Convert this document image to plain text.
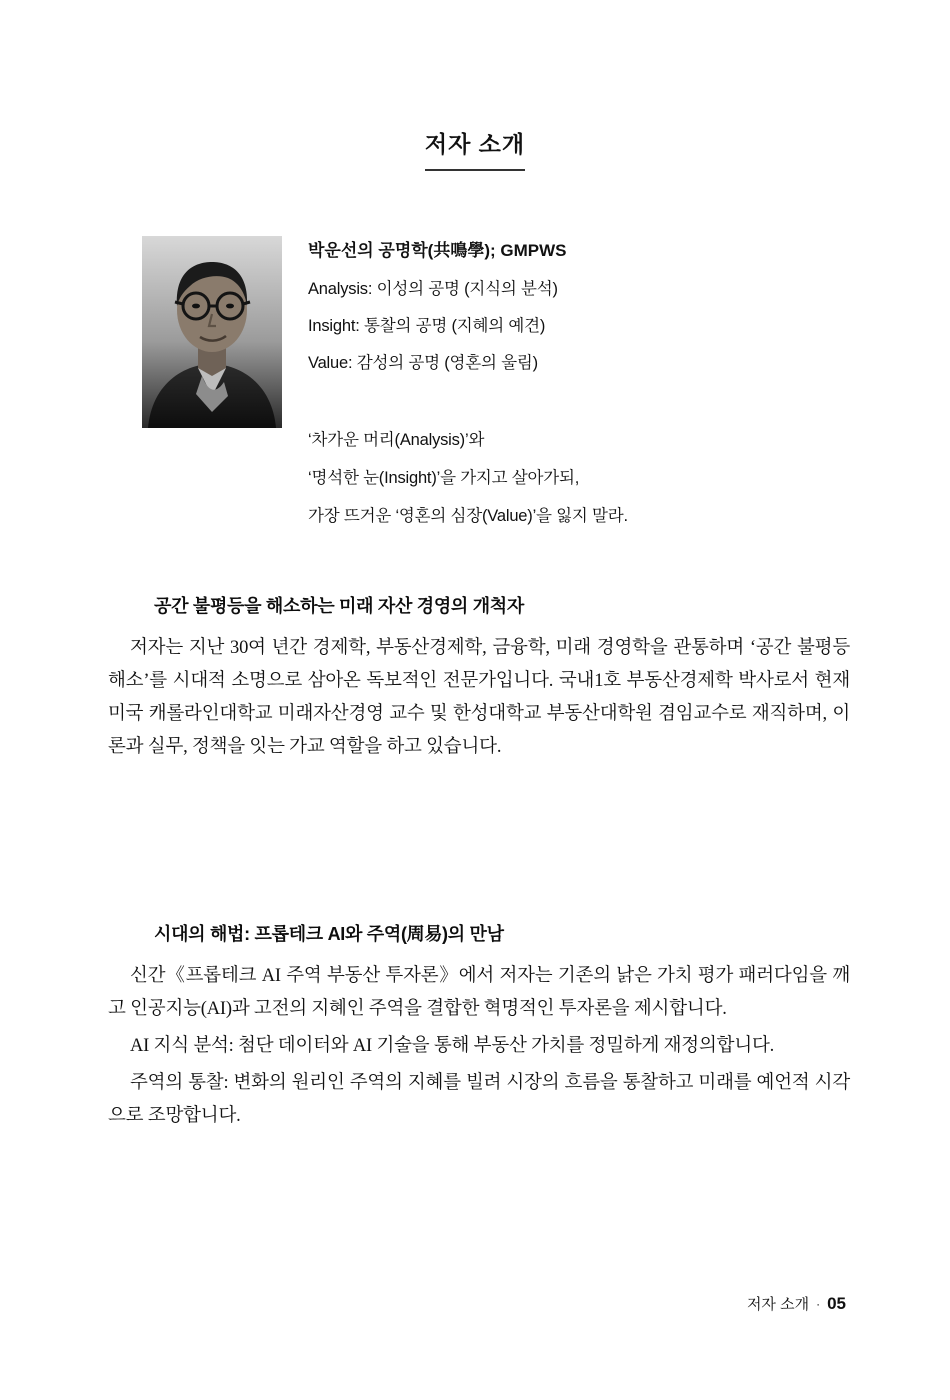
저자 소개
박운선의 공명학(共鳴學); GMPWS
Analysis: 이성의 공명 (지식의 분석)
Insight: 통찰의 공명 (지혜의 예견)
Value: 감성의 공명 (영혼의 울림)
‘차가운 머리(Analysis)’와
‘명석한 눈(Insight)’을 가지고 살아가되,
가장 뜨거운 ‘영혼의 심장(Value)’을 잃지 말라.
공간 불평등을 해소하는 미래 자산 경영의 개척자

저자는 지난 30여 년간 경제학, 부동산경제학, 금융학, 미래 경영학을 관통하며 ‘공간 불평등 해소’를 시대적 소명으로 삼아온 독보적인 전문가입니다. 국내1호 부동산경제학 박사로서 현재 미국 캐롤라인대학교 미래자산경영 교수 및 한성대학교 부동산대학원 겸임교수로 재직하며, 이론과 실무, 정책을 잇는 가교 역할을 하고 있습니다.

시대의 해법: 프롭테크 AI와 주역(周易)의 만남

신간《프롭테크 AI 주역 부동산 투자론》에서 저자는 기존의 낡은 가치 평가 패러다임을 깨고 인공지능(AI)과 고전의 지혜인 주역을 결합한 혁명적인 투자론을 제시합니다.

AI 지식 분석: 첨단 데이터와 AI 기술을 통해 부동산 가치를 정밀하게 재정의합니다.

주역의 통찰: 변화의 원리인 주역의 지혜를 빌려 시장의 흐름을 통찰하고 미래를 예언적 시각으로 조망합니다.

저자 소개 · 05
